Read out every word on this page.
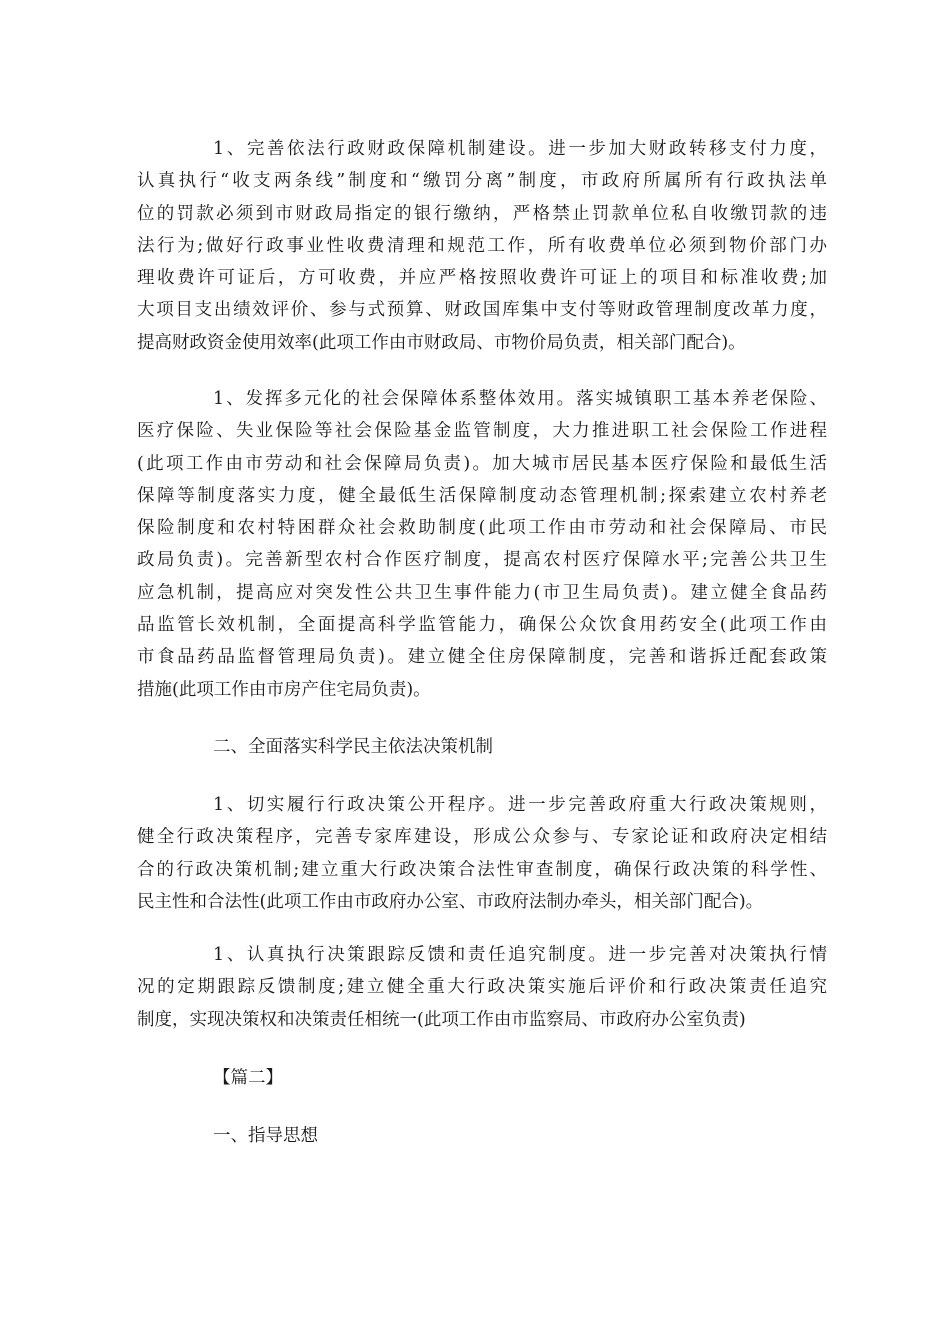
1、完善依法行政财政保障机制建设。进一步加大财政转移支付力度，
认真执行“收支两条线”制度和“缴罚分离”制度，市政府所属所有行政执法单
位的罚款必须到市财政局指定的银行缴纳，严格禁止罚款单位私自收缴罚款的违
法行为;做好行政事业性收费清理和规范工作，所有收费单位必须到物价部门办
理收费许可证后，方可收费，并应严格按照收费许可证上的项目和标准收费;加
大项目支出绩效评价、参与式预算、财政国库集中支付等财政管理制度改革力度，
提高财政资金使用效率(此项工作由市财政局、市物价局负责，相关部门配合)。
1、发挥多元化的社会保障体系整体效用。落实城镇职工基本养老保险、
医疗保险、失业保险等社会保险基金监管制度，大力推进职工社会保险工作进程
(此项工作由市劳动和社会保障局负责)。加大城市居民基本医疗保险和最低生活
保障等制度落实力度，健全最低生活保障制度动态管理机制;探索建立农村养老
保险制度和农村特困群众社会救助制度(此项工作由市劳动和社会保障局、市民
政局负责)。完善新型农村合作医疗制度，提高农村医疗保障水平;完善公共卫生
应急机制，提高应对突发性公共卫生事件能力(市卫生局负责)。建立健全食品药
品监管长效机制，全面提高科学监管能力，确保公众饮食用药安全(此项工作由
市食品药品监督管理局负责)。建立健全住房保障制度，完善和谐拆迁配套政策
措施(此项工作由市房产住宅局负责)。
二、全面落实科学民主依法决策机制
1、切实履行行政决策公开程序。进一步完善政府重大行政决策规则，
健全行政决策程序，完善专家库建设，形成公众参与、专家论证和政府决定相结
合的行政决策机制;建立重大行政决策合法性审查制度，确保行政决策的科学性、
民主性和合法性(此项工作由市政府办公室、市政府法制办牵头，相关部门配合)。
1、认真执行决策跟踪反馈和责任追究制度。进一步完善对决策执行情
况的定期跟踪反馈制度;建立健全重大行政决策实施后评价和行政决策责任追究
制度，实现决策权和决策责任相统一(此项工作由市监察局、市政府办公室负责)
【篇二】
一、指导思想
